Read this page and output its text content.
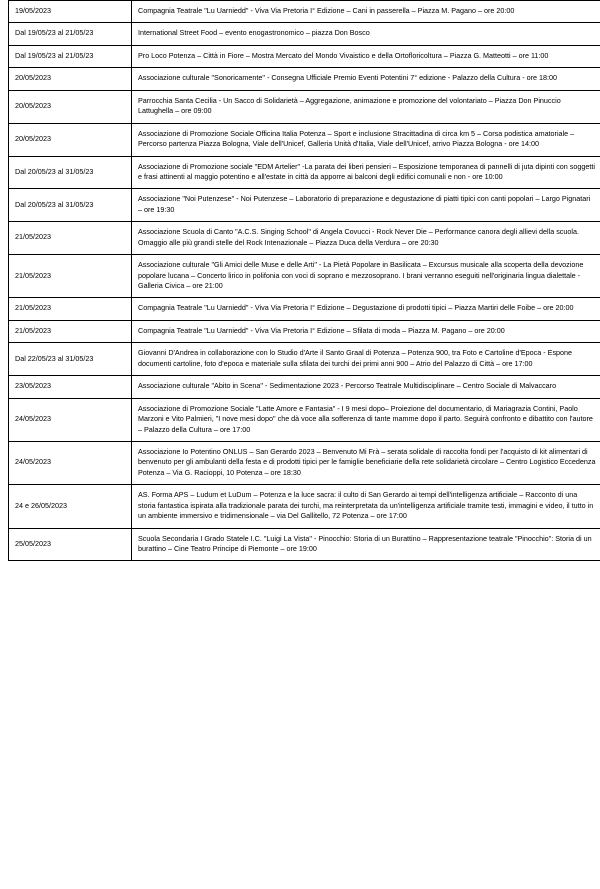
19/05/2023	Compagnia Teatrale "Lu Uarniedd" - Viva Via Pretoria I° Edizione – Cani in passerella – Piazza M. Pagano – ore 20:00
Dal 19/05/23 al 21/05/23	International Street Food – evento enogastronomico – piazza Don Bosco
Dal 19/05/23 al 21/05/23	Pro Loco Potenza – Città in Fiore – Mostra Mercato del Mondo Vivaistico e della Ortofloricoltura – Piazza G. Matteotti – ore 11:00
20/05/2023	Associazione culturale "Sonoricamente" - Consegna Ufficiale Premio Eventi Potentini 7° edizione - Palazzo della Cultura - ore 18:00
20/05/2023	Parrocchia Santa Cecilia - Un Sacco di Solidarietà – Aggregazione, animazione e promozione del volontariato – Piazza Don Pinuccio Lattughella – ore 09:00
20/05/2023	Associazione di Promozione Sociale Officina Italia Potenza – Sport e inclusione Stracittadina di circa km 5 – Corsa podistica amatoriale – Percorso partenza Piazza Bologna, Viale dell'Unicef, Galleria Unità d'Italia, Viale dell'Unicef, arrivo Piazza Bologna - ore 14:00
Dal 20/05/23 al 31/05/23	Associazione di Promozione sociale "EDM Artelier" -La parata dei liberi pensieri – Esposizione temporanea di pannelli di juta dipinti con soggetti e frasi attinenti al maggio potentino e all'estate in città da apporre ai balconi degli edifici comunali e non - ore 10:00
Dal 20/05/23 al 31/05/23	Associazione "Noi Putenzese" - Noi Putenzese – Laboratorio di preparazione e degustazione di piatti tipici con canti popolari – Largo Pignatari – ore 19:30
21/05/2023	Associazione Scuola di Canto "A.C.S. Singing School" di Angela Covucci - Rock Never Die – Performance canora degli allievi della scuola. Omaggio alle più grandi stelle del Rock Intenazionale – Piazza Duca della Verdura – ore 20:30
21/05/2023	Associazione culturale "Gli Amici delle Muse e delle Arti" - La Pietà Popolare in Basilicata – Excursus musicale alla scoperta della devozione popolare lucana – Concerto lirico in polifonia con voci di soprano e mezzosoprano. I brani verranno eseguiti nell'originaria lingua dialettale - Galleria Civica – ore 21:00
21/05/2023	Compagnia Teatrale "Lu Uarniedd" - Viva Via Pretoria I° Edizione – Degustazione di prodotti tipici – Piazza Martiri delle Foibe – ore 20:00
21/05/2023	Compagnia Teatrale "Lu Uarniedd" - Viva Via Pretoria I° Edizione – Sfilata di moda – Piazza M. Pagano – ore 20:00
Dal 22/05/23 al 31/05/23	Giovanni D'Andrea in collaborazione con lo Studio d'Arte il Santo Graal di Potenza – Potenza 900, tra Foto e Cartoline d'Epoca - Espone documenti cartoline, foto d'epoca e materiale sulla sfilata dei turchi dei primi anni 900 – Atrio del Palazzo di Città – ore 17:00
23/05/2023	Associazione culturale "Abito in Scena" - Sedimentazione 2023 - Percorso Teatrale Multidisciplinare – Centro Sociale di Malvaccaro
24/05/2023	Associazione di Promozione Sociale "Latte Amore e Fantasia" - I 9 mesi dopo– Proiezione del documentario, di Mariagrazia Contini, Paolo Marzoni e Vito Palmieri, "I nove mesi dopo" che dà voce alla sofferenza di tante mamme dopo il parto. Seguirà confronto e dibattito con l'autore – Palazzo della Cultura – ore 17:00
24/05/2023	Associazione Io Potentino ONLUS – San Gerardo 2023 – Benvenuto Mi Frà – serata solidale di raccolta fondi per l'acquisto di kit alimentari di benvenuto per gli ambulanti della festa e di prodotti tipici per le famiglie beneficiarie della rete solidarietà circolare – Centro Logistico Eccedenza Potenza – Via G. Racioppi, 10 Potenza – ore 18:30
24 e 26/05/2023	AS. Forma APS – Ludum et LuDum – Potenza e la luce sacra: il culto di San Gerardo ai tempi dell'intelligenza artificiale – Racconto di una storia fantastica ispirata alla tradizionale parata dei turchi, ma reinterpretata da un'intelligenza artificiale tramite testi, immagini e video, il tutto in un ambiente immersivo e tridimensionale – via Del Gallitello, 72 Potenza – ore 17:00
25/05/2023	Scuola Secondaria I Grado Statele I.C. "Luigi La Vista" - Pinocchio: Storia di un Burattino – Rappresentazione teatrale "Pinocchio": Storia di un burattino – Cine Teatro Principe di Piemonte – ore 19:00
